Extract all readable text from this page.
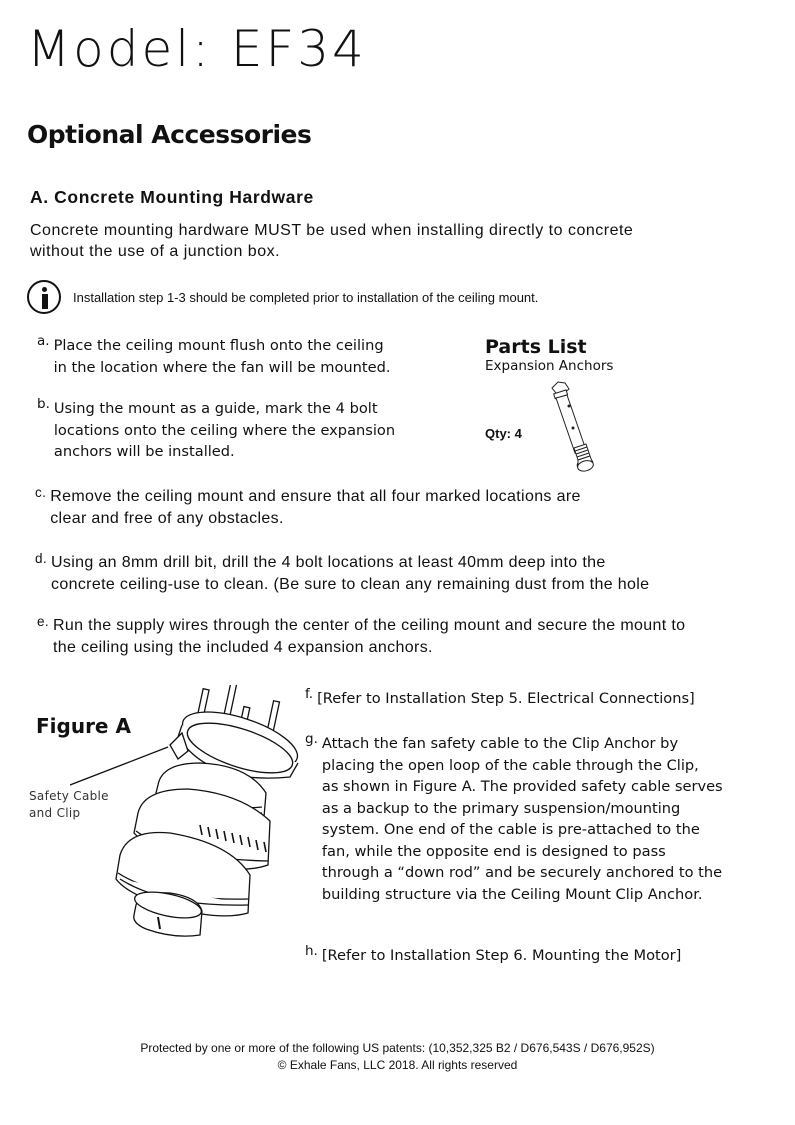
Model: EF34
Optional Accessories
A. Concrete Mounting Hardware
Concrete mounting hardware MUST be used when installing directly to concrete
without the use of a junction box.
Installation step 1-3 should be completed prior to installation of the ceiling mount.
a. Place the ceiling mount flush onto the ceiling
in the location where the fan will be mounted.
b. Using the mount as a guide, mark the 4 bolt
locations onto the ceiling where the expansion
anchors will be installed.
Parts List
Expansion Anchors
Qty: 4
c. Remove the ceiling mount and ensure that all four marked locations are
clear and free of any obstacles.
d. Using an 8mm drill bit, drill the 4 bolt locations at least 40mm deep into the
concrete ceiling-use to clean. (Be sure to clean any remaining dust from the hole
e. Run the supply wires through the center of the ceiling mount and secure the mount to
the ceiling using the included 4 expansion anchors.
Figure A
Safety Cable
and Clip
f. [Refer to Installation Step 5. Electrical Connections]
g. Attach the fan safety cable to the Clip Anchor by
placing the open loop of the cable through the Clip,
as shown in Figure A. The provided safety cable serves
as a backup to the primary suspension/mounting
system. One end of the cable is pre-attached to the
fan, while the opposite end is designed to pass
through a “down rod” and be securely anchored to the
building structure via the Ceiling Mount Clip Anchor.
h. [Refer to Installation Step 6. Mounting the Motor]
Protected by one or more of the following US patents: (10,352,325 B2 / D676,543S / D676,952S)
© Exhale Fans, LLC 2018. All rights reserved
